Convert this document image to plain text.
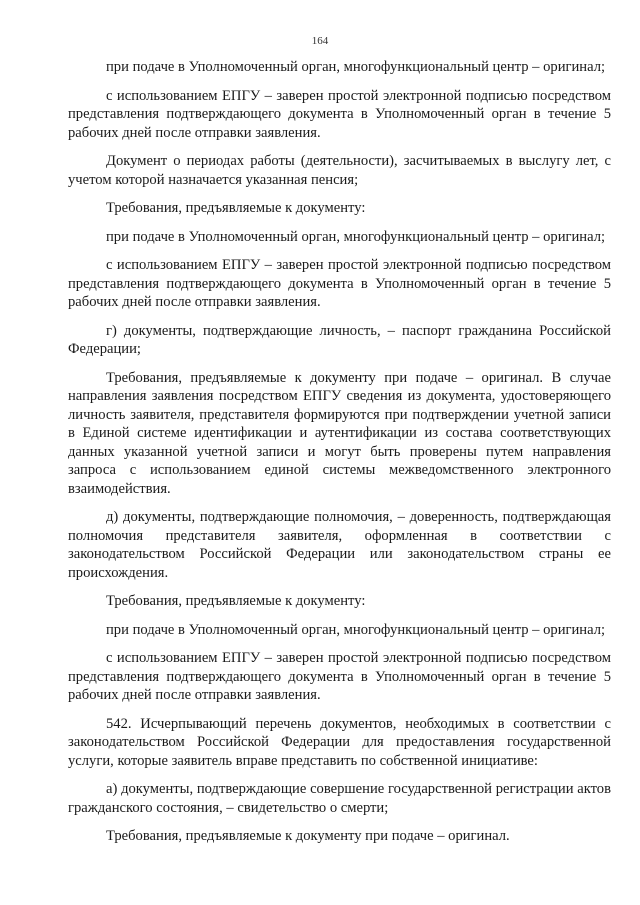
164

при подаче в Уполномоченный орган, многофункциональный центр – оригинал;

с использованием ЕПГУ – заверен простой электронной подписью посредством представления подтверждающего документа в Уполномоченный орган в течение 5 рабочих дней после отправки заявления.

Документ о периодах работы (деятельности), засчитываемых в выслугу лет, с учетом которой назначается указанная пенсия;

Требования, предъявляемые к документу:

при подаче в Уполномоченный орган, многофункциональный центр – оригинал;

с использованием ЕПГУ – заверен простой электронной подписью посредством представления подтверждающего документа в Уполномоченный орган в течение 5 рабочих дней после отправки заявления.

г) документы, подтверждающие личность, – паспорт гражданина Российской Федерации;

Требования, предъявляемые к документу при подаче – оригинал. В случае направления заявления посредством ЕПГУ сведения из документа, удостоверяющего личность заявителя, представителя формируются при подтверждении учетной записи в Единой системе идентификации и аутентификации из состава соответствующих данных указанной учетной записи и могут быть проверены путем направления запроса с использованием единой системы межведомственного электронного взаимодействия.

д) документы, подтверждающие полномочия, – доверенность, подтверждающая полномочия представителя заявителя, оформленная в соответствии с законодательством Российской Федерации или законодательством страны ее происхождения.

Требования, предъявляемые к документу:

при подаче в Уполномоченный орган, многофункциональный центр – оригинал;

с использованием ЕПГУ – заверен простой электронной подписью посредством представления подтверждающего документа в Уполномоченный орган в течение 5 рабочих дней после отправки заявления.

542. Исчерпывающий перечень документов, необходимых в соответствии с законодательством Российской Федерации для предоставления государственной услуги, которые заявитель вправе представить по собственной инициативе:

а) документы, подтверждающие совершение государственной регистрации актов гражданского состояния, – свидетельство о смерти;

Требования, предъявляемые к документу при подаче – оригинал.
